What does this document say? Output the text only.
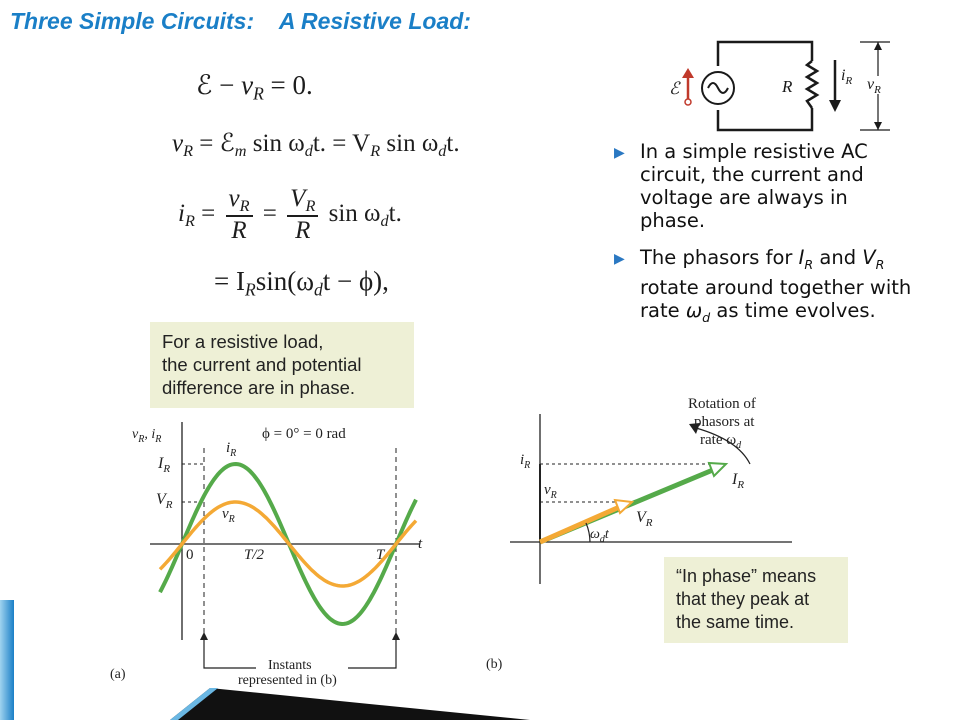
Three Simple Circuits:    A Resistive Load:
ℰ − $v_R = 0$.
$v_R$ = ℰ$_m$ $\sin \omega_dt$. = $V_R$ $\sin \omega_dt$.
$i_R = \frac{v_R}{R} = \frac{V_R}{R}$ $\sin \omega_dt$.
= $I_R\sin(\omega_dt - \phi)$,
For a resistive load,
the current and potential
difference are in phase.
ℰ	R
$i_R$ $v_R$
▶ In a simple resistive AC circuit, the current and voltage are always in phase.
▶ The phasors for $I_R$ and $V_R$ rotate around together with rate $\omega_d$ as time evolves.
$v_R$, $i_R$	ϕ = 0° = 0 rad
$I_R$
$V_R$
$i_R$
$v_R$
0	T/2	T
t
Instants
represented in (b)
(a)
Rotation of
phasors at
rate $\omega_d$
$i_R$
$v_R$
$I_R$
$V_R$
$\omega_dt$
(b)
“In phase” means
that they peak at
the same time.
